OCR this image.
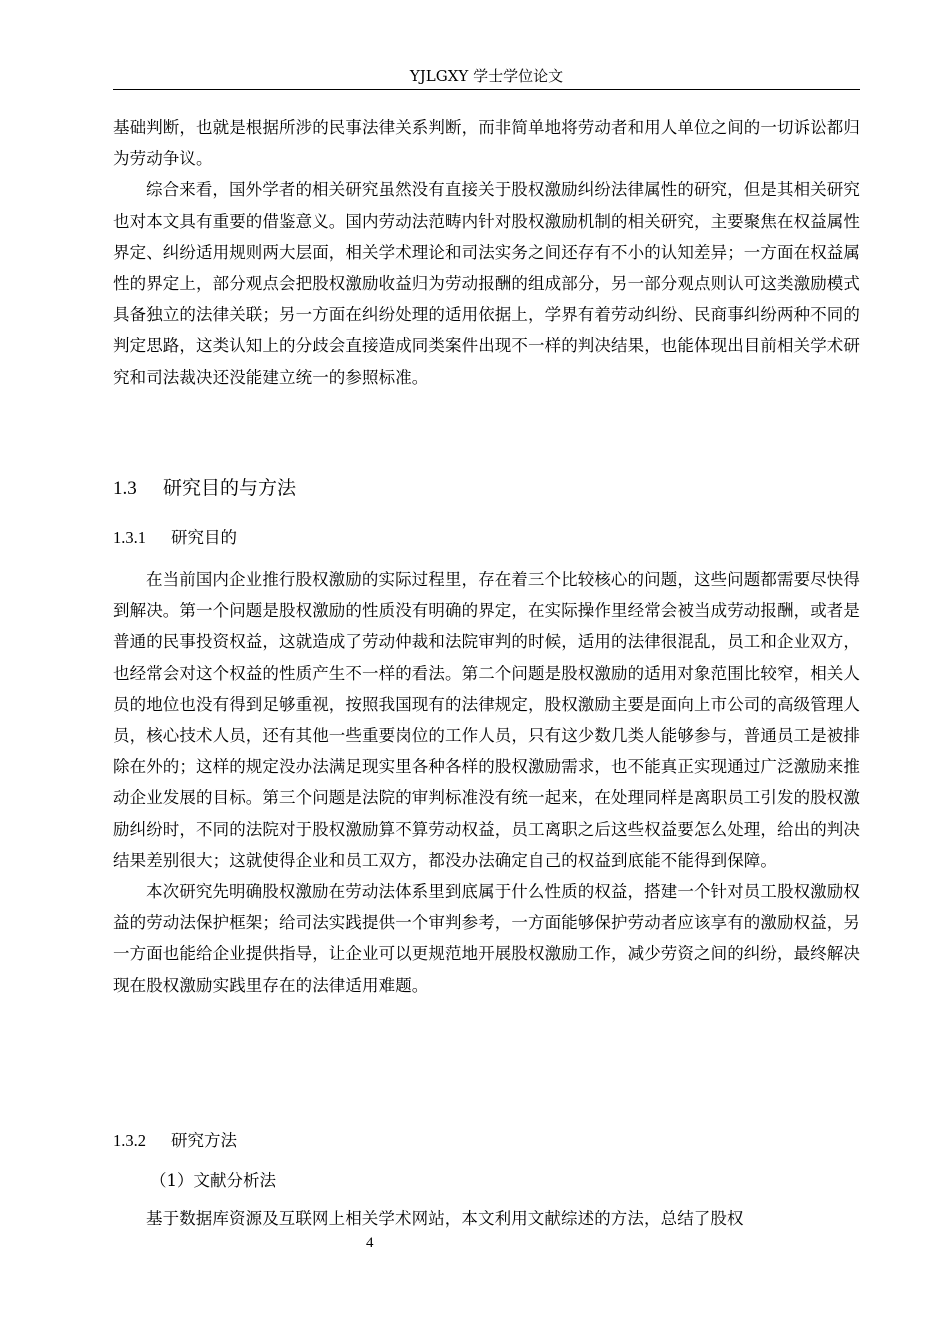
YJLGXY 学士学位论文

基础判断，也就是根据所涉的民事法律关系判断，而非简单地将劳动者和用人单位之间的一切诉讼都归为劳动争议。

综合来看，国外学者的相关研究虽然没有直接关于股权激励纠纷法律属性的研究，但是其相关研究也对本文具有重要的借鉴意义。国内劳动法范畴内针对股权激励机制的相关研究，主要聚焦在权益属性界定、纠纷适用规则两大层面，相关学术理论和司法实务之间还存有不小的认知差异；一方面在权益属性的界定上，部分观点会把股权激励收益归为劳动报酬的组成部分，另一部分观点则认可这类激励模式具备独立的法律关联；另一方面在纠纷处理的适用依据上，学界有着劳动纠纷、民商事纠纷两种不同的判定思路，这类认知上的分歧会直接造成同类案件出现不一样的判决结果，也能体现出目前相关学术研究和司法裁决还没能建立统一的参照标准。

1.3 研究目的与方法
1.3.1 研究目的

在当前国内企业推行股权激励的实际过程里，存在着三个比较核心的问题，这些问题都需要尽快得到解决。第一个问题是股权激励的性质没有明确的界定，在实际操作里经常会被当成劳动报酬，或者是普通的民事投资权益，这就造成了劳动仲裁和法院审判的时候，适用的法律很混乱，员工和企业双方，也经常会对这个权益的性质产生不一样的看法。第二个问题是股权激励的适用对象范围比较窄，相关人员的地位也没有得到足够重视，按照我国现有的法律规定，股权激励主要是面向上市公司的高级管理人员，核心技术人员，还有其他一些重要岗位的工作人员，只有这少数几类人能够参与，普通员工是被排除在外的；这样的规定没办法满足现实里各种各样的股权激励需求，也不能真正实现通过广泛激励来推动企业发展的目标。第三个问题是法院的审判标准没有统一起来，在处理同样是离职员工引发的股权激励纠纷时，不同的法院对于股权激励算不算劳动权益，员工离职之后这些权益要怎么处理，给出的判决结果差别很大；这就使得企业和员工双方，都没办法确定自己的权益到底能不能得到保障。

本次研究先明确股权激励在劳动法体系里到底属于什么性质的权益，搭建一个针对员工股权激励权益的劳动法保护框架；给司法实践提供一个审判参考，一方面能够保护劳动者应该享有的激励权益，另一方面也能给企业提供指导，让企业可以更规范地开展股权激励工作，减少劳资之间的纠纷，最终解决现在股权激励实践里存在的法律适用难题。

1.3.2 研究方法
（1）文献分析法

基于数据库资源及互联网上相关学术网站，本文利用文献综述的方法，总结了股权

4
